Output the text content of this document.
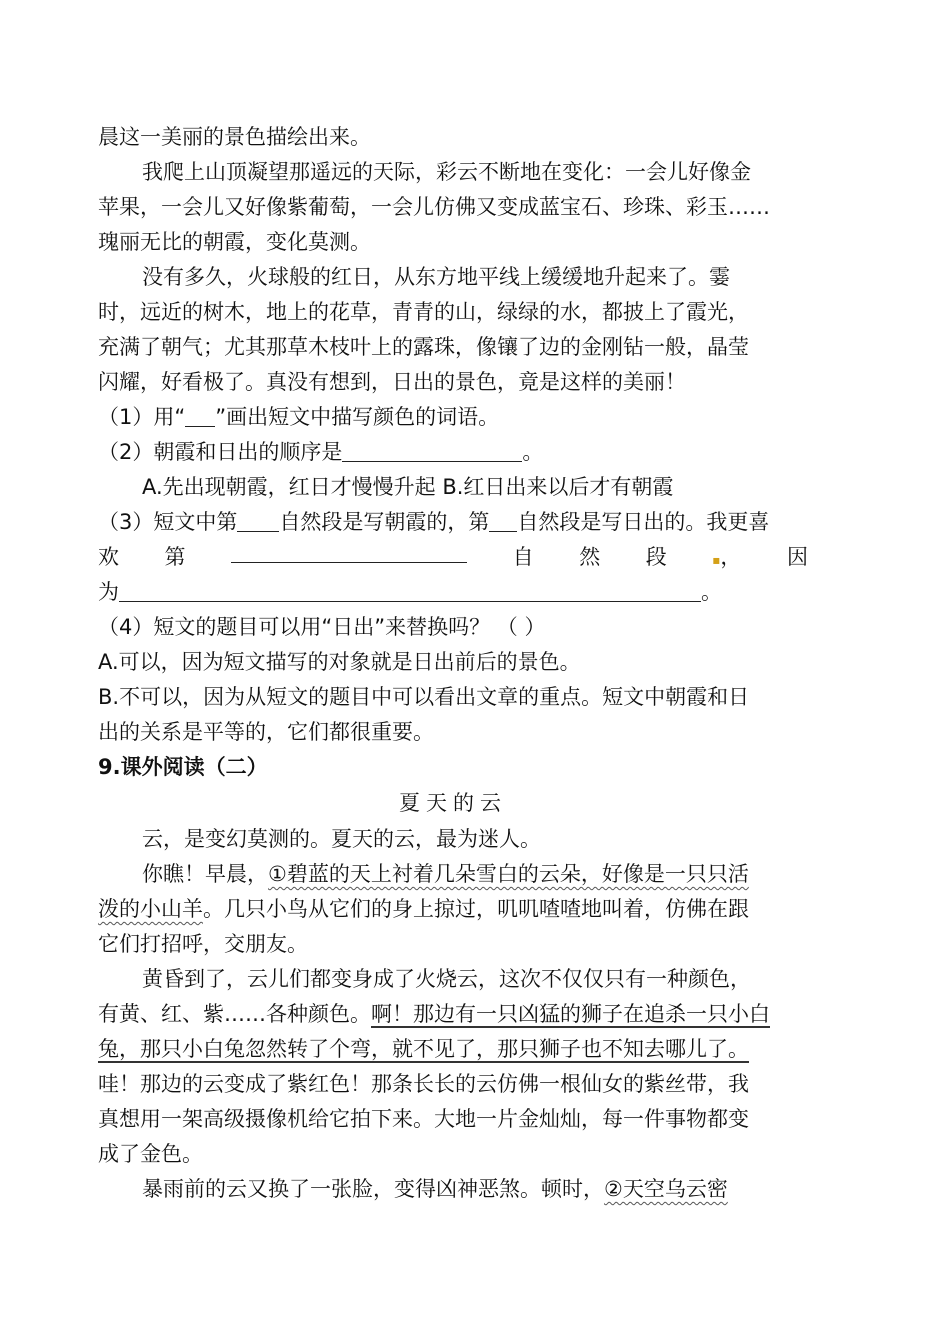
晨这一美丽的景色描绘出来。
我爬上山顶凝望那遥远的天际，彩云不断地在变化：一会儿好像金
苹果，一会儿又好像紫葡萄，一会儿仿佛又变成蓝宝石、珍珠、彩玉……
瑰丽无比的朝霞，变化莫测。
没有多久，火球般的红日，从东方地平线上缓缓地升起来了。霎
时，远近的树木，地上的花草，青青的山，绿绿的水，都披上了霞光，
充满了朝气；尤其那草木枝叶上的露珠，像镶了边的金刚钻一般，晶莹
闪耀，好看极了。真没有想到，日出的景色，竟是这样的美丽！
（1）用“ ”画出短文中描写颜色的词语。
（2）朝霞和日出的顺序是	。
A.先出现朝霞，红日才慢慢升起 B.红日出来以后才有朝霞
（3）短文中第 自然段是写朝霞的，第 自然段是写日出的。我更喜
欢 第	自 然 段	▪， 因
为	。
（4）短文的题目可以用“日出”来替换吗？ （ ）
A.可以，因为短文描写的对象就是日出前后的景色。
B.不可以，因为从短文的题目中可以看出文章的重点。短文中朝霞和日
出的关系是平等的，它们都很重要。
9.课外阅读（二）
夏天的云
云，是变幻莫测的。夏天的云，最为迷人。
你瞧！早晨，①碧蓝的天上衬着几朵雪白的云朵，好像是一只只活
泼的小山羊。几只小鸟从它们的身上掠过，叽叽喳喳地叫着，仿佛在跟
它们打招呼，交朋友。
黄昏到了，云儿们都变身成了火烧云，这次不仅仅只有一种颜色，
有黄、红、紫……各种颜色。啊！那边有一只凶猛的狮子在追杀一只小白
兔，那只小白兔忽然转了个弯，就不见了，那只狮子也不知去哪儿了。
哇！那边的云变成了紫红色！那条长长的云仿佛一根仙女的紫丝带，我
真想用一架高级摄像机给它拍下来。大地一片金灿灿，每一件事物都变
成了金色。
暴雨前的云又换了一张脸，变得凶神恶煞。顿时，②天空乌云密
